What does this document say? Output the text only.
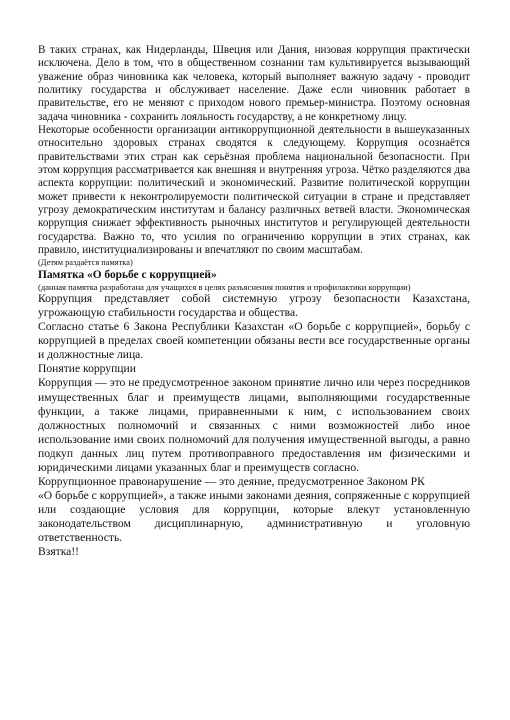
В таких странах, как Нидерланды, Швеция или Дания, низовая коррупция практически исключена. Дело в том, что в общественном сознании там культивируется вызывающий уважение образ чиновника как человека, который выполняет важную задачу - проводит политику государства и обслуживает население. Даже если чиновник работает в правительстве, его не меняют с приходом нового премьер-министра. Поэтому основная задача чиновника - сохранить лояльность государству, а не конкретному лицу.

Некоторые особенности организации антикоррупционной деятельности в вышеуказанных относительно здоровых странах сводятся к следующему. Коррупция осознаётся правительствами этих стран как серьёзная проблема национальной безопасности. При этом коррупция рассматривается как внешняя и внутренняя угроза. Чётко разделяются два аспекта коррупции: политический и экономический. Развитие политической коррупции может привести к неконтролируемости политической ситуации в стране и представляет угрозу демократическим институтам и балансу различных ветвей власти. Экономическая коррупция снижает эффективность рыночных институтов и регулирующей деятельности государства. Важно то, что усилия по ограничению коррупции в этих странах, как правило, институциализированы и впечатляют по своим масштабам.

(Детям раздаётся памятка)

Памятка «О борьбе с коррупцией»

(данная памятка разработана для учащихся в целях разъяснения понятия и профилактики коррупции)

Коррупция представляет собой системную угрозу безопасности Казахстана, угрожающую стабильности государства и общества.

Согласно статье 6 Закона Республики Казахстан «О борьбе с коррупцией», борьбу с коррупцией в пределах своей компетенции обязаны вести все государственные органы и должностные лица.

Понятие коррупции

Коррупция — это не предусмотренное законом принятие лично или через посредников имущественных благ и преимуществ лицами, выполняющими государственные функции, а также лицами, приравненными к ним, с использованием своих должностных полномочий и связанных с ними возможностей либо иное использование ими своих полномочий для получения имущественной выгоды, а равно подкуп данных лиц путем противоправного предоставления им физическими и юридическими лицами указанных благ и преимуществ согласно.

Коррупционное правонарушение — это деяние, предусмотренное Законом РК

«О борьбе с коррупцией», а также иными законами деяния, сопряженные с коррупцией или создающие условия для коррупции, которые влекут установленную законодательством дисциплинарную, административную и уголовную ответственность.

Взятка!!
